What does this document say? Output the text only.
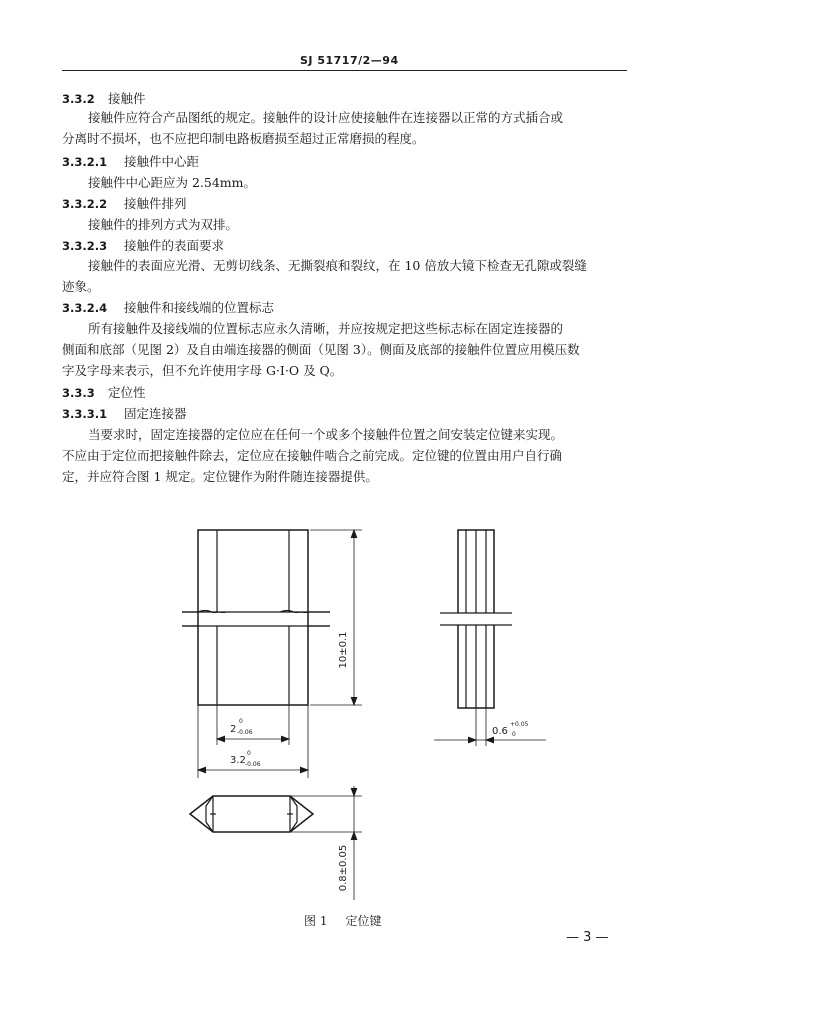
SJ 51717/2—94
3.3.2 接触件
接触件应符合产品图纸的规定。接触件的设计应使接触件在连接器以正常的方式插合或
分离时不损坏，也不应把印制电路板磨损至超过正常磨损的程度。
3.3.2.1 接触件中心距
接触件中心距应为 2.54mm。
3.3.2.2 接触件排列
接触件的排列方式为双排。
3.3.2.3 接触件的表面要求
接触件的表面应光滑、无剪切线条、无撕裂痕和裂纹，在 10 倍放大镜下检查无孔隙或裂缝
迹象。
3.3.2.4 接触件和接线端的位置标志
所有接触件及接线端的位置标志应永久清晰，并应按规定把这些标志标在固定连接器的
侧面和底部（见图 2）及自由端连接器的侧面（见图 3）。侧面及底部的接触件位置应用模压数
字及字母来表示，但不允许使用字母 G·I·O 及 Q。
3.3.3 定位性
3.3.3.1 固定连接器
当要求时，固定连接器的定位应在任何一个或多个接触件位置之间安装定位键来实现。
不应由于定位而把接触件除去，定位应在接触件啮合之前完成。定位键的位置由用户自行确
定，并应符合图 1 规定。定位键作为附件随连接器提供。
10±0.1
2
0
-0.06
3.2
0
-0.06
0.6
+0.05
0
0.8±0.05
图 1 定位键
— 3 —
